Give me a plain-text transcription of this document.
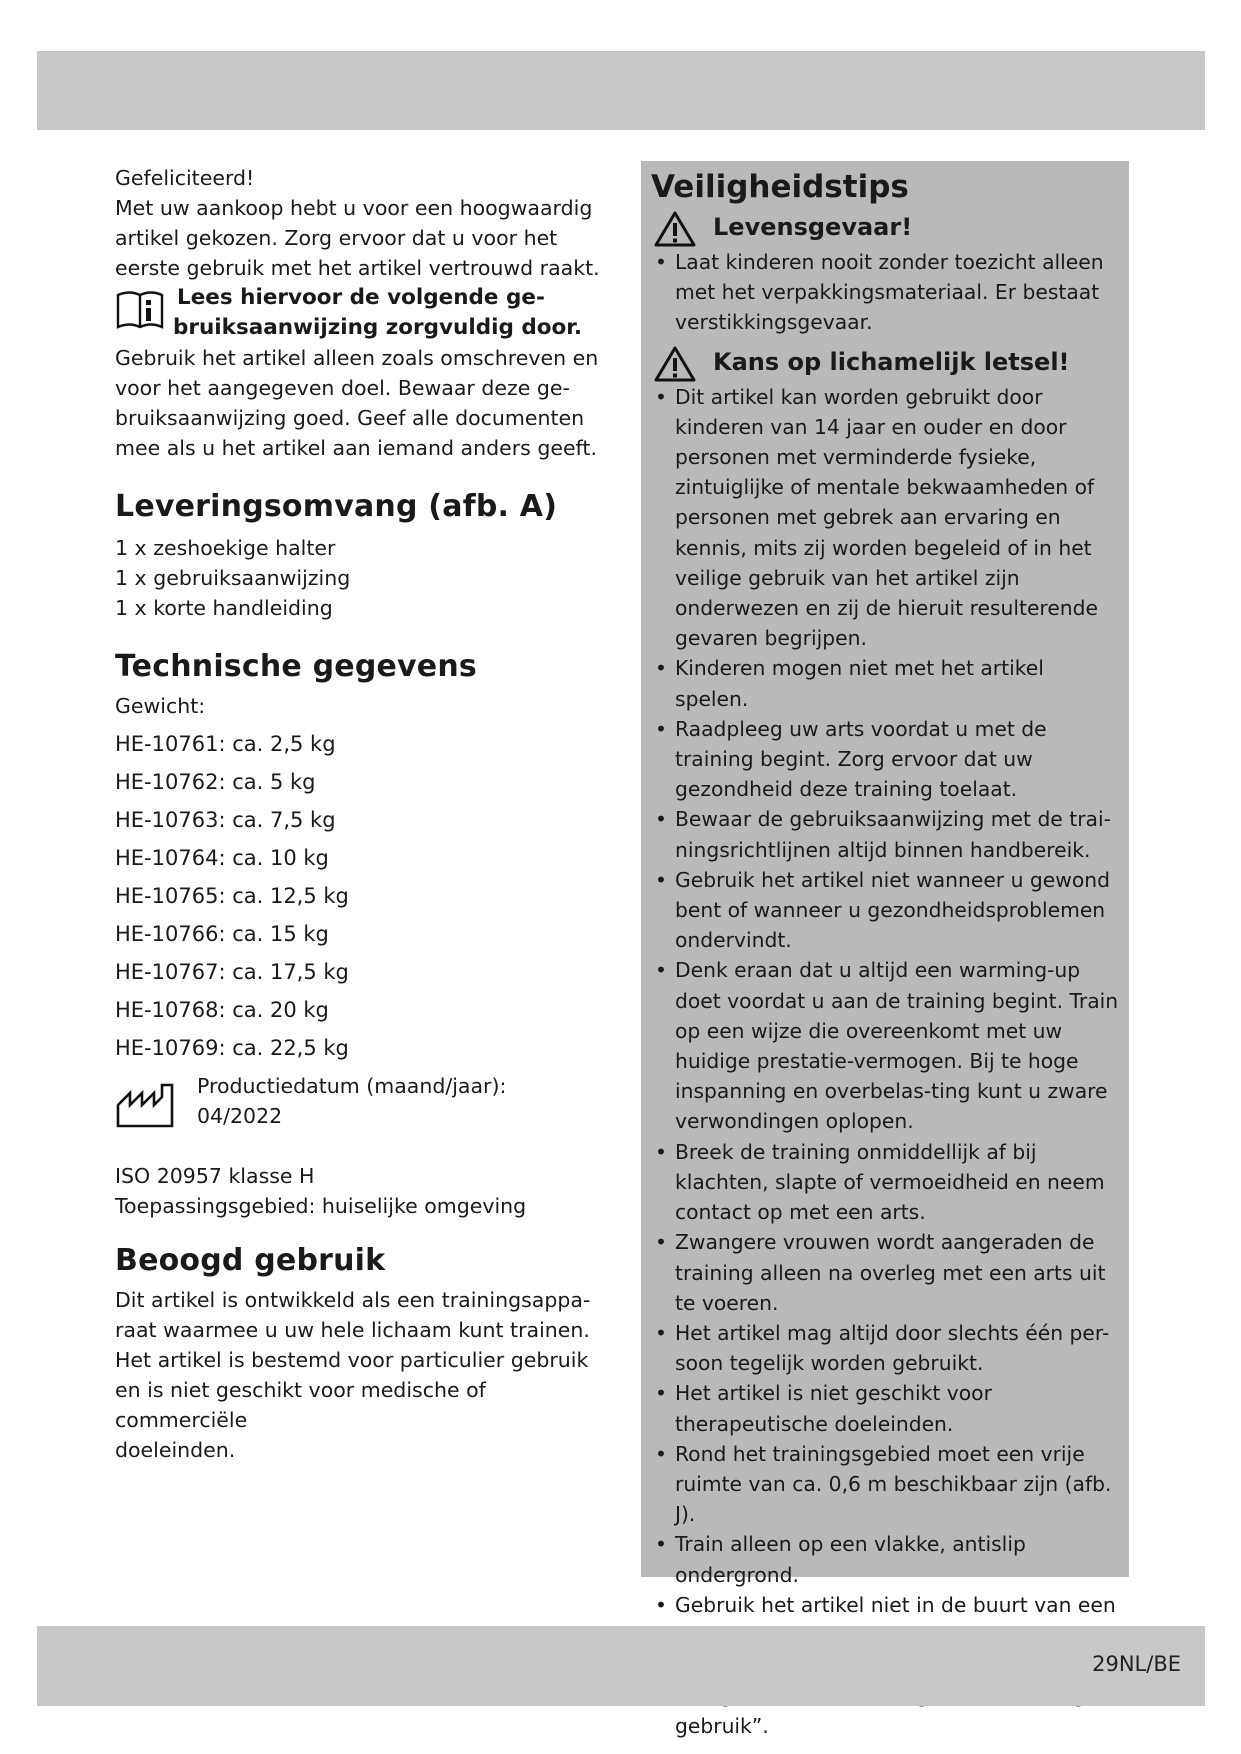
Gefeliciteerd!

Met uw aankoop hebt u voor een hoogwaardig

artikel gekozen. Zorg ervoor dat u voor het

eerste gebruik met het artikel vertrouwd raakt.

Lees hiervoor de volgende ge-
bruiksaanwijzing zorgvuldig door.

Gebruik het artikel alleen zoals omschreven en

voor het aangegeven doel. Bewaar deze ge-

bruiksaanwijzing goed. Geef alle documenten

mee als u het artikel aan iemand anders geeft.

Leveringsomvang (afb. A)

1 x zeshoekige halter

1 x gebruiksaanwijzing

1 x korte handleiding

Technische gegevens

Gewicht:

HE-10761: ca. 2,5 kg

HE-10762: ca. 5 kg

HE-10763: ca. 7,5 kg

HE-10764: ca. 10 kg

HE-10765: ca. 12,5 kg

HE-10766: ca. 15 kg

HE-10767: ca. 17,5 kg

HE-10768: ca. 20 kg

HE-10769: ca. 22,5 kg

Productiedatum (maand/jaar):

04/2022

ISO 20957 klasse H

Toepassingsgebied: huiselijke omgeving

Beoogd gebruik

Dit artikel is ontwikkeld als een trainingsappa-

raat waarmee u uw hele lichaam kunt trainen.

Het artikel is bestemd voor particulier gebruik

en is niet geschikt voor medische of commerciële

doeleinden.

Veiligheidstips

Levensgevaar!

• Laat kinderen nooit zonder toezicht alleen met het verpakkingsmateriaal. Er bestaat verstikkingsgevaar.

Kans op lichamelijk letsel!

• Dit artikel kan worden gebruikt door kinderen van 14 jaar en ouder en door personen met verminderde fysieke, zintuiglijke of mentale bekwaamheden of personen met gebrek aan ervaring en kennis, mits zij worden begeleid of in het veilige gebruik van het artikel zijn onderwezen en zij de hieruit resulterende gevaren begrijpen.
• Kinderen mogen niet met het artikel spelen.
• Raadpleeg uw arts voordat u met de training begint. Zorg ervoor dat uw gezondheid deze training toelaat.
• Bewaar de gebruiksaanwijzing met de trai-ningsrichtlijnen altijd binnen handbereik.
• Gebruik het artikel niet wanneer u gewond bent of wanneer u gezondheidsproblemen ondervindt.
• Denk eraan dat u altijd een warming-up doet voordat u aan de training begint. Train op een wijze die overeenkomt met uw huidige prestatie-vermogen. Bij te hoge inspanning en overbelas-ting kunt u zware verwondingen oplopen.
• Breek de training onmiddellijk af bij klachten, slapte of vermoeidheid en neem contact op met een arts.
• Zwangere vrouwen wordt aangeraden de training alleen na overleg met een arts uit te voeren.
• Het artikel mag altijd door slechts één per-soon tegelijk worden gebruikt.
• Het artikel is niet geschikt voor therapeutische doeleinden.
• Rond het trainingsgebied moet een vrije ruimte van ca. 0,6 m beschikbaar zijn (afb. J).
• Train alleen op een vlakke, antislip ondergrond.
• Gebruik het artikel niet in de buurt van een
• gebruik”.
29NL/BE
